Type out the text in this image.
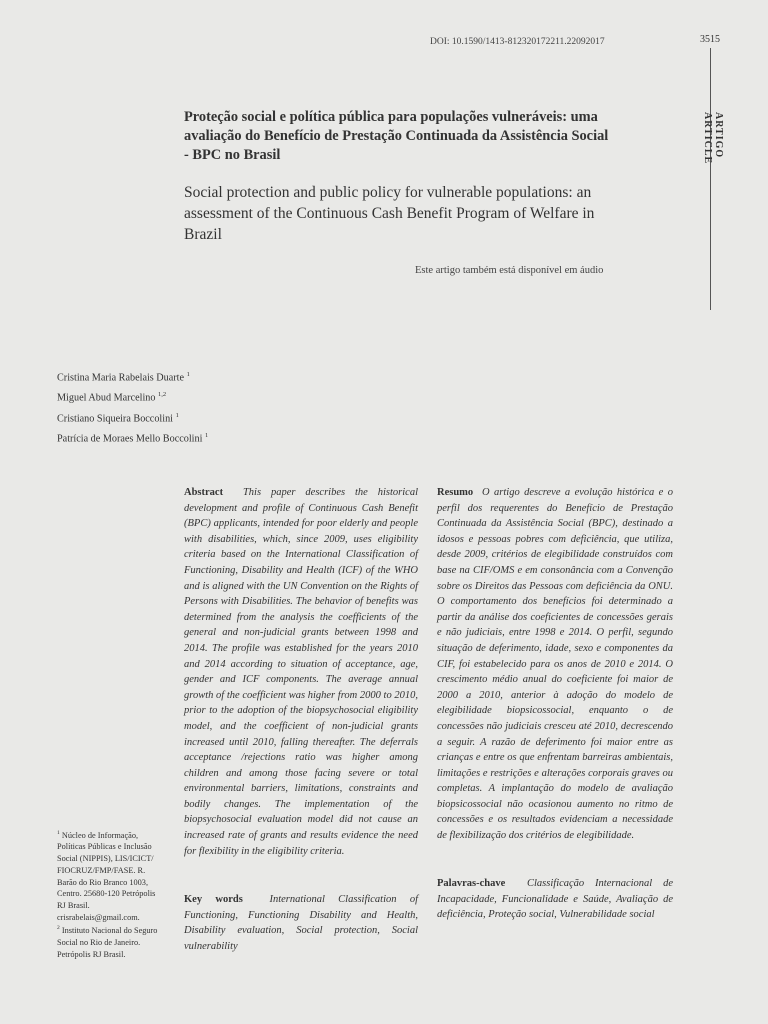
DOI: 10.1590/1413-812320172211.22092017	3515
ARTIGO ARTICLE
Proteção social e política pública para populações vulneráveis: uma avaliação do Benefício de Prestação Continuada da Assistência Social - BPC no Brasil
Social protection and public policy for vulnerable populations: an assessment of the Continuous Cash Benefit Program of Welfare in Brazil
Este artigo também está disponível em áudio
Cristina Maria Rabelais Duarte $^1$
Miguel Abud Marcelino $^{1,2}$
Cristiano Siqueira Boccolini $^1$
Patrícia de Moraes Mello Boccolini $^1$
Abstract This paper describes the historical development and profile of Continuous Cash Benefit (BPC) applicants, intended for poor elderly and people with disabilities, which, since 2009, uses eligibility criteria based on the International Classification of Functioning, Disability and Health (ICF) of the WHO and is aligned with the UN Convention on the Rights of Persons with Disabilities. The behavior of benefits was determined from the analysis the coefficients of the general and non-judicial grants between 1998 and 2014. The profile was established for the years 2010 and 2014 according to situation of acceptance, age, gender and ICF components. The average annual growth of the coefficient was higher from 2000 to 2010, prior to the adoption of the biopsychosocial eligibility model, and the coefficient of non-judicial grants increased until 2010, falling thereafter. The deferrals acceptance /rejections ratio was higher among children and among those facing severe or total environmental barriers, limitations, constraints and bodily changes. The implementation of the biopsychosocial evaluation model did not cause an increased rate of grants and results evidence the need for flexibility in the eligibility criteria.
Key words	International Classification of Functioning, Functioning Disability and Health, Disability evaluation, Social protection, Social vulnerability
Resumo O artigo descreve a evolução histórica e o perfil dos requerentes do Benefício de Prestação Continuada da Assistência Social (BPC), destinado a idosos e pessoas pobres com deficiência, que utiliza, desde 2009, critérios de elegibilidade construídos com base na CIF/OMS e em consonância com a Convenção sobre os Direitos das Pessoas com deficiência da ONU. O comportamento dos benefícios foi determinado a partir da análise dos coeficientes de concessões gerais e não judiciais, entre 1998 e 2014. O perfil, segundo situação de deferimento, idade, sexo e componentes da CIF, foi estabelecido para os anos de 2010 e 2014. O crescimento médio anual do coeficiente foi maior de 2000 a 2010, anterior à adoção do modelo de elegibilidade biopsicossocial, enquanto o de concessões não judiciais cresceu até 2010, decrescendo a seguir. A razão de deferimento foi maior entre as crianças e entre os que enfrentam barreiras ambientais, limitações e restrições e alterações corporais graves ou completas. A implantação do modelo de avaliação biopsicossocial não ocasionou aumento no ritmo de concessões e os resultados evidenciam a necessidade de flexibilização dos critérios de elegibilidade.
Palavras-chave Classificação Internacional de Incapacidade, Funcionalidade e Saúde, Avaliação de deficiência, Proteção social, Vulnerabilidade social

$^1$ Núcleo de Informação, Políticas Públicas e Inclusão Social (NIPPIS), LIS/ICICT/ FIOCRUZ/FMP/FASE. R. Barão do Rio Branco 1003, Centro. 25680-120 Petrópolis RJ Brasil. crisrabelais@gmail.com.

$^2$ Instituto Nacional do Seguro Social no Rio de Janeiro. Petrópolis RJ Brasil.
